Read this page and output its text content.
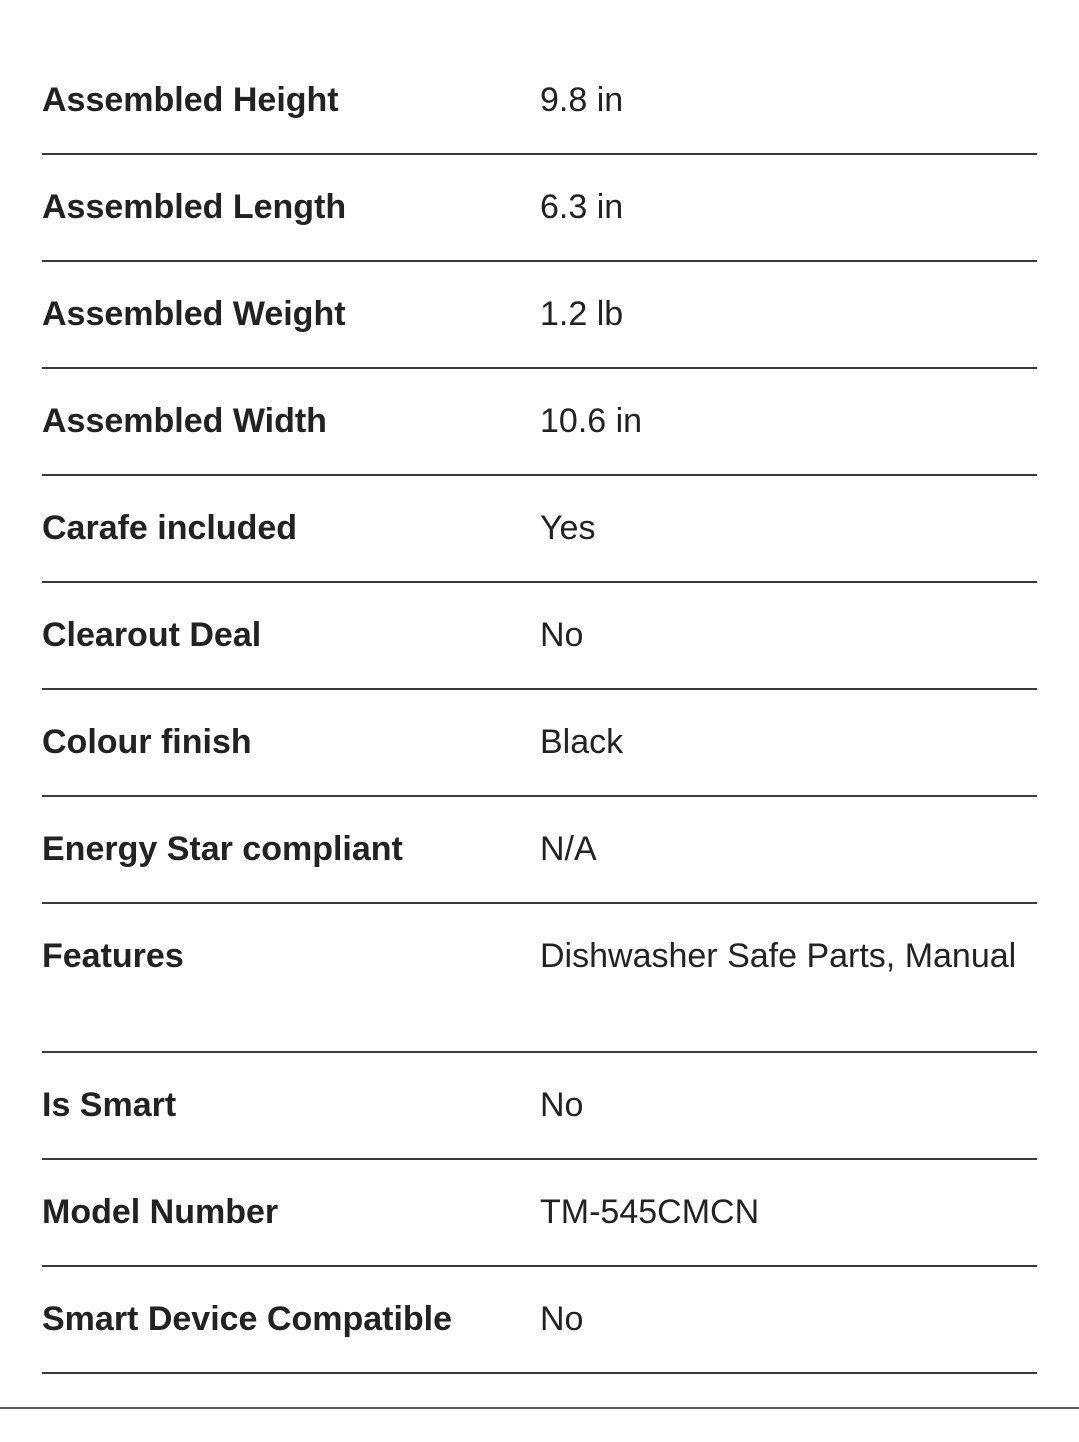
Assembled Height	9.8 in
Assembled Length	6.3 in
Assembled Weight	1.2 lb
Assembled Width	10.6 in
Carafe included	Yes
Clearout Deal	No
Colour finish	Black
Energy Star compliant	N/A
Features	Dishwasher Safe Parts, Manual
Is Smart	No
Model Number	TM-545CMCN
Smart Device Compatible	No
